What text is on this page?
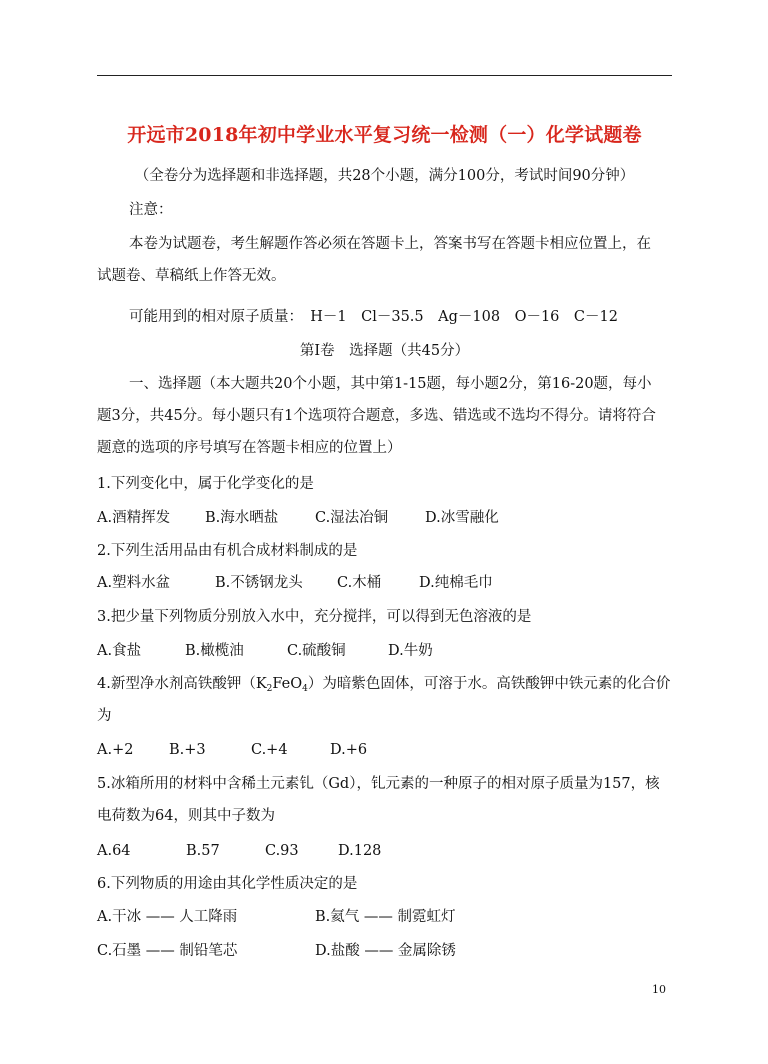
开远市2018年初中学业水平复习统一检测（一）化学试题卷
（全卷分为选择题和非选择题，共28个小题，满分100分，考试时间90分钟）
注意：
本卷为试题卷，考生解题作答必须在答题卡上，答案书写在答题卡相应位置上，在
试题卷、草稿纸上作答无效。
可能用到的相对原子质量：　H－1　Cl－35.5　Ag－108　O－16　C－12
第Ⅰ卷　选择题（共45分）
一、选择题（本大题共20个小题，其中第1-15题，每小题2分，第16-20题，每小
题3分，共45分。每小题只有1个选项符合题意，多选、错选或不选均不得分。请将符合
题意的选项的序号填写在答题卡相应的位置上）
1.下列变化中，属于化学变化的是
A.酒精挥发 B.海水晒盐	C.湿法冶铜	D.冰雪融化
2.下列生活用品由有机合成材料制成的是
A.塑料水盆	B.不锈钢龙头 C.木桶	D.纯棉毛巾
3.把少量下列物质分别放入水中，充分搅拌，可以得到无色溶液的是
A.食盐	B.橄榄油	C.硫酸铜	D.牛奶
4.新型净水剂高铁酸钾$(K_2FeO_4)$为暗紫色固体，可溶于水。高铁酸钾中铁元素的化合价
为
A.+2 B.+3	C.+4	D.+6
5.冰箱所用的材料中含稀土元素钆（Gd），钆元素的一种原子的相对原子质量为157，核
电荷数为64，则其中子数为
A.64	B.57	C.93	D.128
6.下列物质的用途由其化学性质决定的是
A.干冰 —— 人工降雨	B.氦气 —— 制霓虹灯
C.石墨 —— 制铅笔芯	D.盐酸 —— 金属除锈
10
